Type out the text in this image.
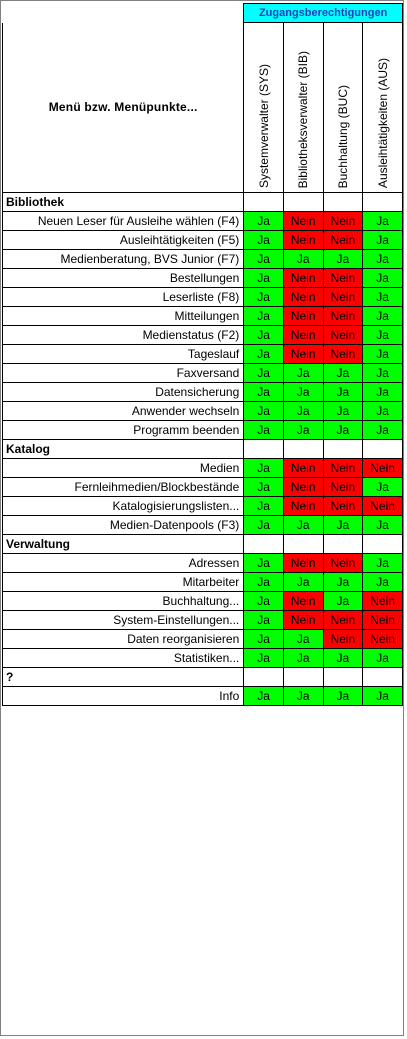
	Zugangsberechtigungen			
Menü bzw. Menüpunkte...	Systemverwalter (SYS)	Bibliotheksverwalter (BIB)	Buchhaltung (BUC)	Ausleihtätigkeiten (AUS)

Bibliothek				
Neuen Leser für Ausleihe wählen (F4)	Ja	Nein	Nein	Ja
Ausleihtätigkeiten (F5)	Ja	Nein	Nein	Ja
Medienberatung, BVS Junior (F7)	Ja	Ja	Ja	Ja
Bestellungen	Ja	Nein	Nein	Ja
Leserliste (F8)	Ja	Nein	Nein	Ja
Mitteilungen	Ja	Nein	Nein	Ja
Medienstatus (F2)	Ja	Nein	Nein	Ja
Tageslauf	Ja	Nein	Nein	Ja
Faxversand	Ja	Ja	Ja	Ja
Datensicherung	Ja	Ja	Ja	Ja
Anwender wechseln	Ja	Ja	Ja	Ja
Programm beenden	Ja	Ja	Ja	Ja
Katalog				
Medien	Ja	Nein	Nein	Nein
Fernleihmedien/Blockbestände	Ja	Nein	Nein	Ja
Katalogisierungslisten...	Ja	Nein	Nein	Nein
Medien-Datenpools (F3)	Ja	Ja	Ja	Ja
Verwaltung				
Adressen	Ja	Nein	Nein	Ja
Mitarbeiter	Ja	Ja	Ja	Ja
Buchhaltung...	Ja	Nein	Ja	Nein
System-Einstellungen...	Ja	Nein	Nein	Nein
Daten reorganisieren	Ja	Ja	Nein	Nein
Statistiken...	Ja	Ja	Ja	Ja
?				
Info	Ja	Ja	Ja	Ja
